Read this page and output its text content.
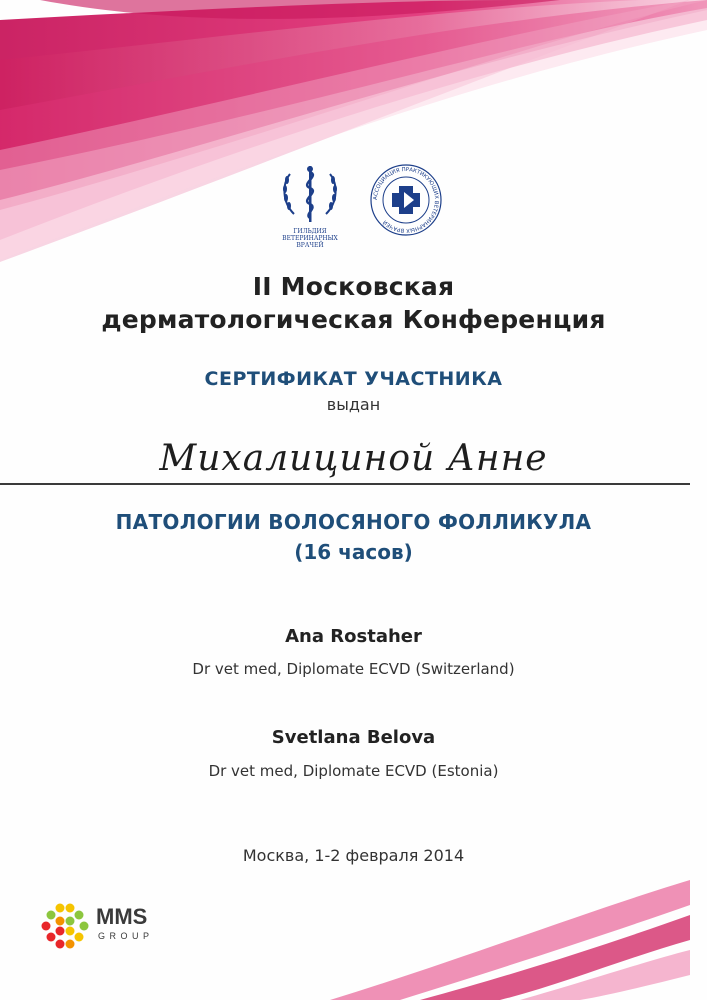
ГИЛЬДИЯ
ВЕТЕРИНАРНЫХ
ВРАЧЕЙ
АССОЦИАЦИЯ ПРАКТИКУЮЩИХ ВЕТЕРИНАРНЫХ ВРАЧЕЙ
II Московская
дерматологическая Конференция
СЕРТИФИКАТ УЧАСТНИКА
выдан
Михалициной Анне
ПАТОЛОГИИ ВОЛОСЯНОГО ФОЛЛИКУЛА
(16 часов)
Ana Rostaher
Dr vet med, Diplomate ECVD (Switzerland)
Svetlana Belova
Dr vet med, Diplomate ECVD (Estonia)
Москва, 1-2 февраля 2014
MMS
GROUP
